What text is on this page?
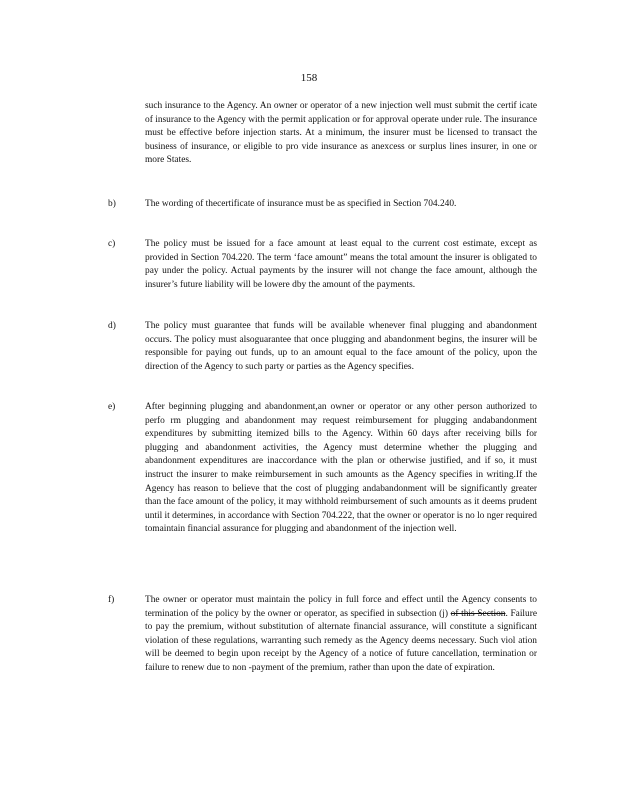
158

such insurance to the Agency. An owner or operator of a new injection well must submit the certif icate of insurance to the Agency with the permit application or for approval operate under rule. The insurance must be effective before injection starts. At a minimum, the insurer must be licensed to transact the business of insurance, or eligible to pro vide insurance as anexcess or surplus lines insurer, in one or more States.

b)	The wording of thecertificate of insurance must be as specified in Section 704.240.

c)	The policy must be issued for a face amount at least equal to the current cost estimate, except as provided in Section 704.220. The term ‘face amount” means the total amount the insurer is obligated to pay under the policy. Actual payments by the insurer will not change the face amount, although the insurer’s future liability will be lowere dby the amount of the payments.

d)	The policy must guarantee that funds will be available whenever final plugging and abandonment occurs. The policy must alsoguarantee that once plugging and abandonment begins, the insurer will be responsible for paying out funds, up to an amount equal to the face amount of the policy, upon the direction of the Agency to such party or parties as the Agency specifies.

e)	After beginning plugging and abandonment,an owner or operator or any other person authorized to perfo rm plugging and abandonment may request reimbursement for plugging andabandonment expenditures by submitting itemized bills to the Agency. Within 60 days after receiving bills for plugging and abandonment activities, the Agency must determine whether the plugging and abandonment expenditures are inaccordance with the plan or otherwise justified, and if so, it must instruct the insurer to make reimbursement in such amounts as the Agency specifies in writing.If the Agency has reason to believe that the cost of plugging andabandonment will be significantly greater than the face amount of the policy, it may withhold reimbursement of such amounts as it deems prudent until it determines, in accordance with Section 704.222, that the owner or operator is no lo nger required tomaintain financial assurance for plugging and abandonment of the injection well.

f)	The owner or operator must maintain the policy in full force and effect until the Agency consents to termination of the policy by the owner or operator, as specified in subsection (j) of this Section. Failure to pay the premium, without substitution of alternate financial assurance, will constitute a significant violation of these regulations, warranting such remedy as the Agency deems necessary. Such viol ation will be deemed to begin upon receipt by the Agency of a notice of future cancellation, termination or failure to renew due to non -payment of the premium, rather than upon the date of expiration.
